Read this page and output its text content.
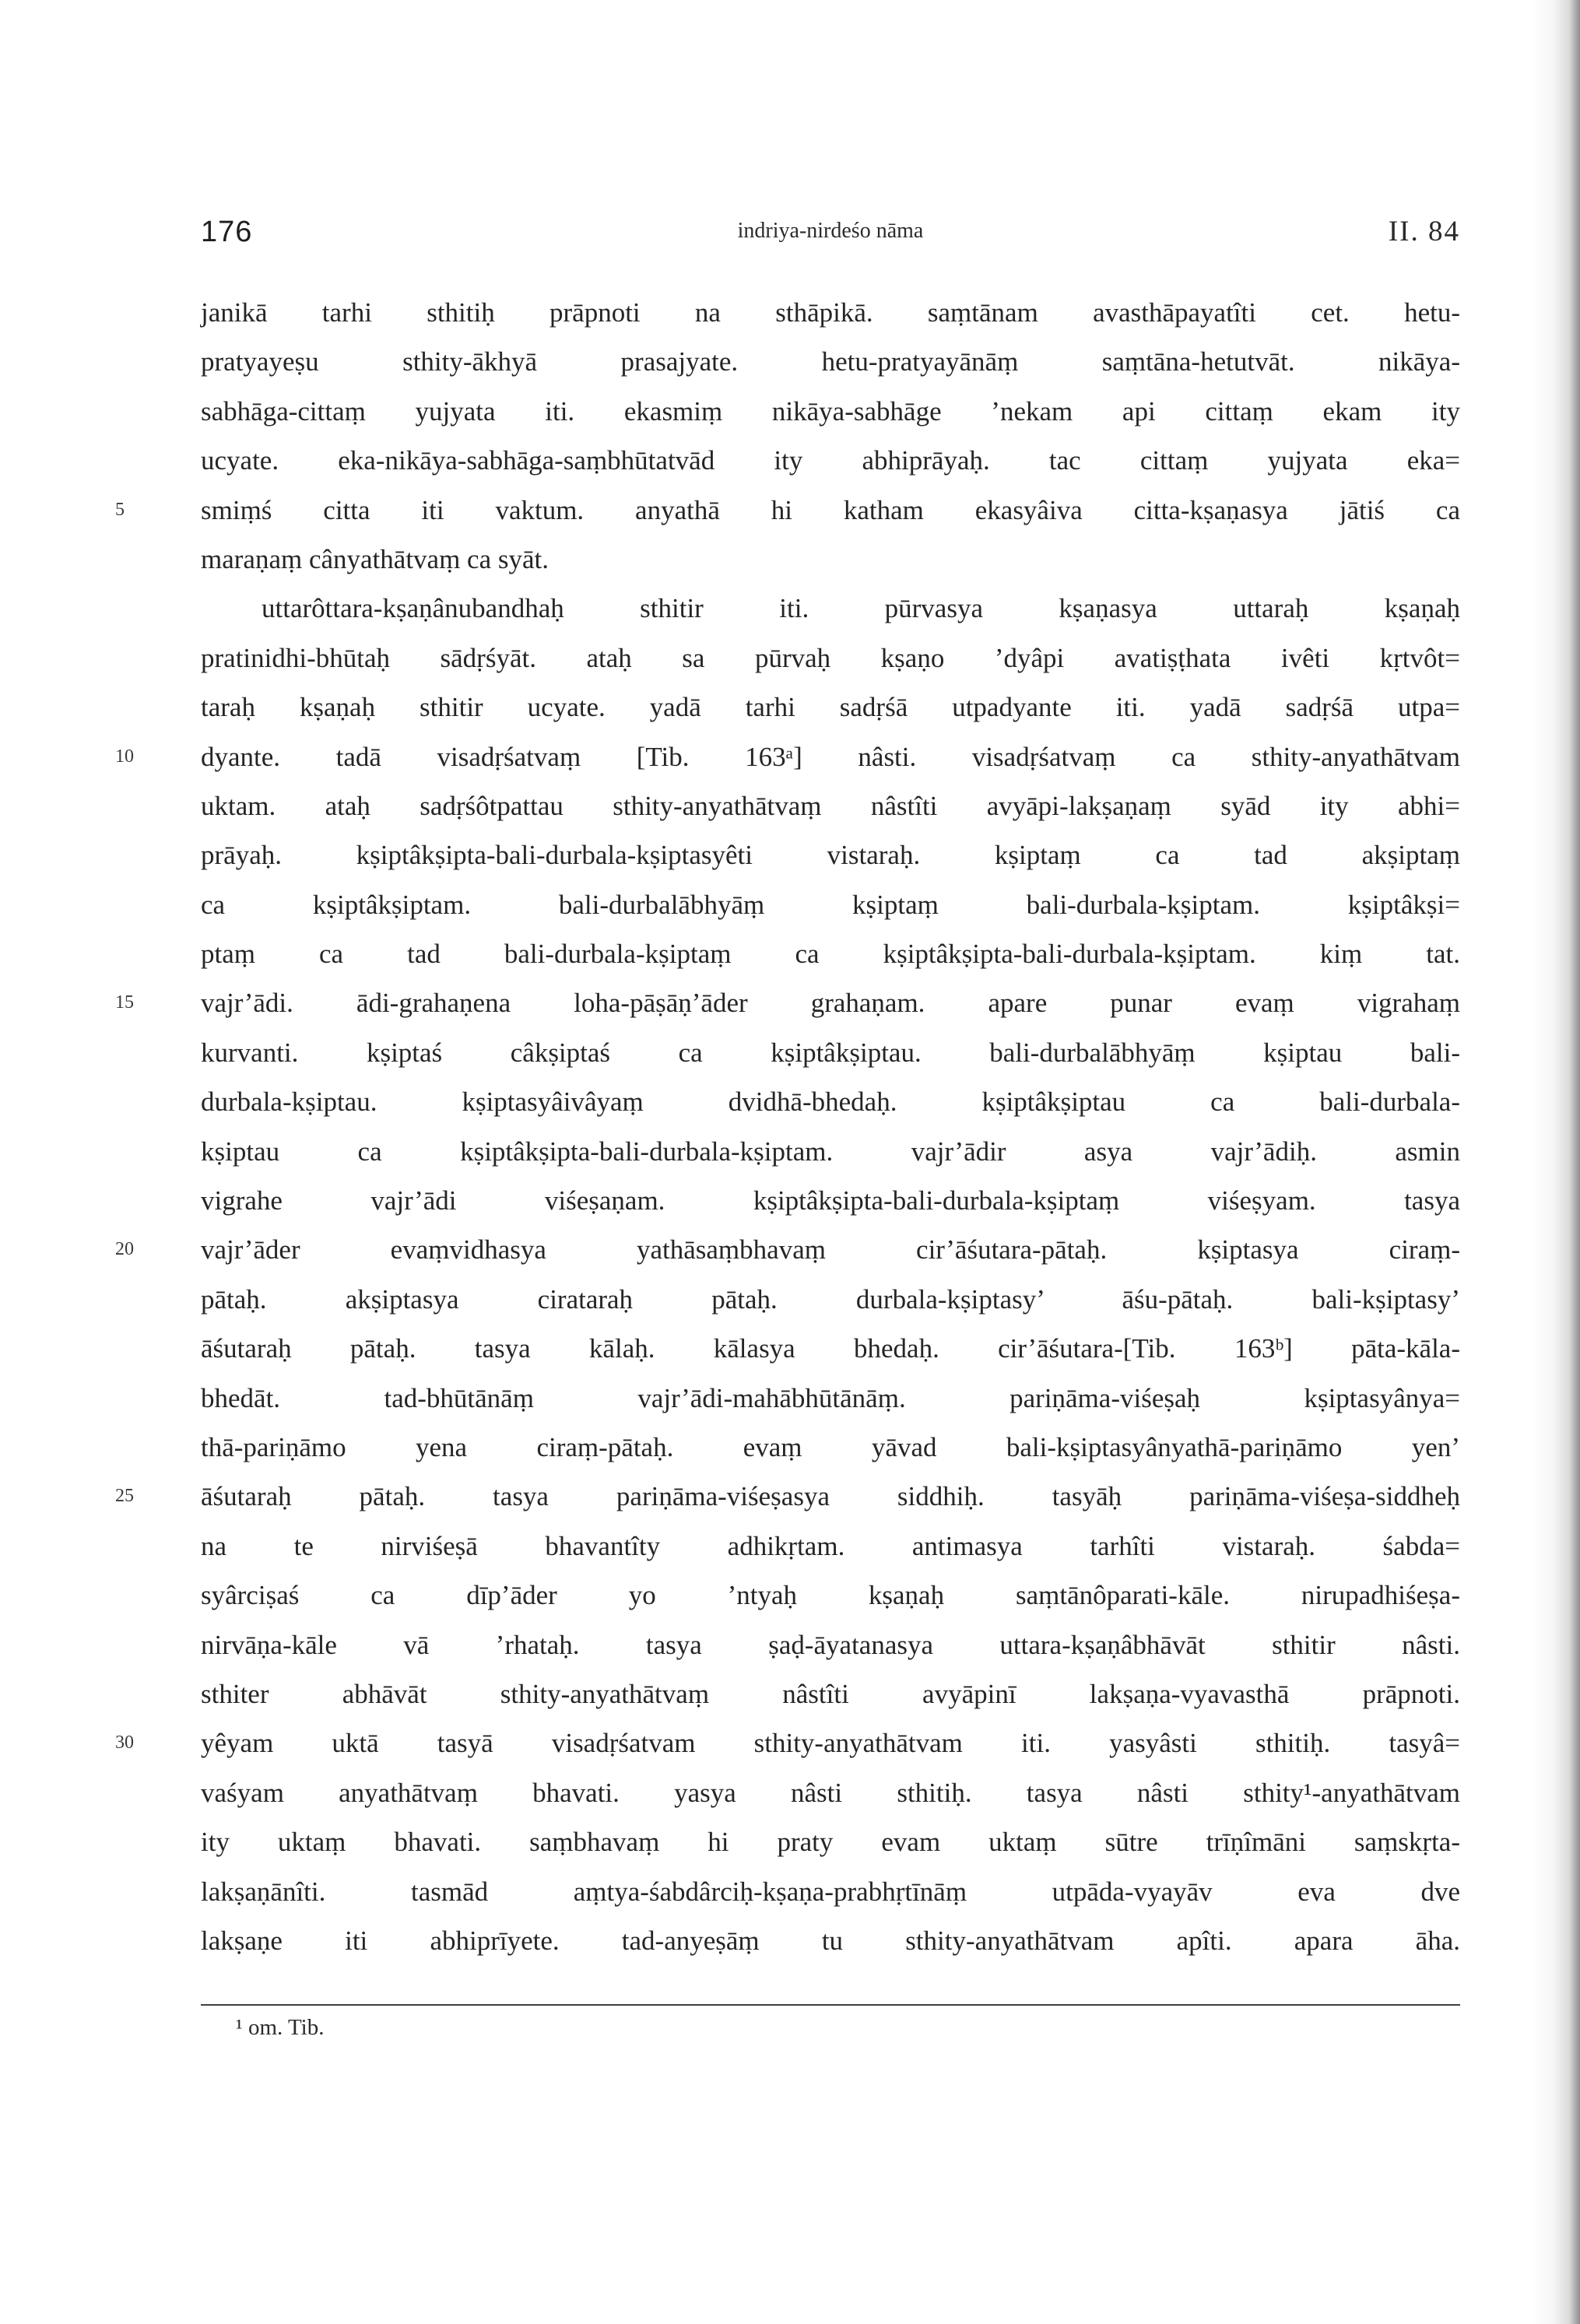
176	indriya-nirdeśo nāma	II. 84
janikā tarhi sthitiḥ prāpnoti na sthāpikā. saṃtānam avasthāpayatîti cet. hetu-
pratyayeṣu sthity-ākhyā prasajyate. hetu-pratyayānāṃ saṃtāna-hetutvāt. nikāya-
sabhāga-cittaṃ yujyata iti. ekasmiṃ nikāya-sabhāge ’nekam api cittaṃ ekam ity
ucyate. eka-nikāya-sabhāga-saṃbhūtatvād ity abhiprāyaḥ. tac cittaṃ yujyata eka=
5	smiṃś citta iti vaktum. anyathā hi katham ekasyâiva citta-kṣaṇasya jātiś ca
maraṇaṃ cânyathātvaṃ ca syāt.
uttarôttara-kṣaṇânubandhaḥ sthitir iti. pūrvasya kṣaṇasya uttaraḥ kṣaṇaḥ
pratinidhi-bhūtaḥ sādṛśyāt. ataḥ sa pūrvaḥ kṣaṇo ’dyâpi avatiṣṭhata ivêti kṛtvôt=
taraḥ kṣaṇaḥ sthitir ucyate. yadā tarhi sadṛśā utpadyante iti. yadā sadṛśā utpa=
10	dyante. tadā visadṛśatvaṃ [Tib. 163ᵃ] nâsti. visadṛśatvaṃ ca sthity-anyathātvam
uktam. ataḥ sadṛśôtpattau sthity-anyathātvaṃ nâstîti avyāpi-lakṣaṇaṃ syād ity abhi=
prāyaḥ. kṣiptâkṣipta-bali-durbala-kṣiptasyêti vistaraḥ. kṣiptaṃ ca tad akṣiptaṃ
ca kṣiptâkṣiptam. bali-durbalābhyāṃ kṣiptaṃ bali-durbala-kṣiptam. kṣiptâkṣi=
ptaṃ ca tad bali-durbala-kṣiptaṃ ca kṣiptâkṣipta-bali-durbala-kṣiptam. kiṃ tat.
15	vajr’ādi. ādi-grahaṇena loha-pāṣāṇ’āder grahaṇam. apare punar evaṃ vigrahaṃ
kurvanti. kṣiptaś câkṣiptaś ca kṣiptâkṣiptau. bali-durbalābhyāṃ kṣiptau bali-
durbala-kṣiptau. kṣiptasyâivâyaṃ dvidhā-bhedaḥ. kṣiptâkṣiptau ca bali-durbala-
kṣiptau ca kṣiptâkṣipta-bali-durbala-kṣiptam. vajr’ādir asya vajr’ādiḥ. asmin
vigrahe vajr’ādi viśeṣaṇam. kṣiptâkṣipta-bali-durbala-kṣiptaṃ viśeṣyam. tasya
20	vajr’āder evaṃvidhasya yathāsaṃbhavaṃ cir’āśutara-pātaḥ. kṣiptasya ciraṃ-
pātaḥ. akṣiptasya cirataraḥ pātaḥ. durbala-kṣiptasy’ āśu-pātaḥ. bali-kṣiptasy’
āśutaraḥ pātaḥ. tasya kālaḥ. kālasya bhedaḥ. cir’āśutara-[Tib. 163ᵇ] pāta-kāla-
bhedāt. tad-bhūtānāṃ vajr’ādi-mahābhūtānāṃ. pariṇāma-viśeṣaḥ kṣiptasyânya=
thā-pariṇāmo yena ciraṃ-pātaḥ. evaṃ yāvad bali-kṣiptasyânyathā-pariṇāmo yen’
25	āśutaraḥ pātaḥ. tasya pariṇāma-viśeṣasya siddhiḥ. tasyāḥ pariṇāma-viśeṣa-siddheḥ
na te nirviśeṣā bhavantîty adhikṛtam. antimasya tarhîti vistaraḥ. śabda=
syârciṣaś ca dīp’āder yo ’ntyaḥ kṣaṇaḥ saṃtānôparati-kāle. nirupadhiśeṣa-
nirvāṇa-kāle vā ’rhataḥ. tasya ṣaḍ-āyatanasya uttara-kṣaṇâbhāvāt sthitir nâsti.
sthiter abhāvāt sthity-anyathātvaṃ nâstîti avyāpinī lakṣaṇa-vyavasthā prāpnoti.
30	yêyam uktā tasyā visadṛśatvam sthity-anyathātvam iti. yasyâsti sthitiḥ. tasyâ=
vaśyam anyathātvaṃ bhavati. yasya nâsti sthitiḥ. tasya nâsti sthity¹-anyathātvam
ity uktaṃ bhavati. saṃbhavaṃ hi praty evam uktaṃ sūtre trīṇîmāni saṃskṛta-
lakṣaṇānîti. tasmād aṃtya-śabdârciḥ-kṣaṇa-prabhṛtīnāṃ utpāda-vyayāv eva dve
lakṣaṇe iti abhiprīyete. tad-anyeṣāṃ tu sthity-anyathātvam apîti. apara āha.
¹ om. Tib.
